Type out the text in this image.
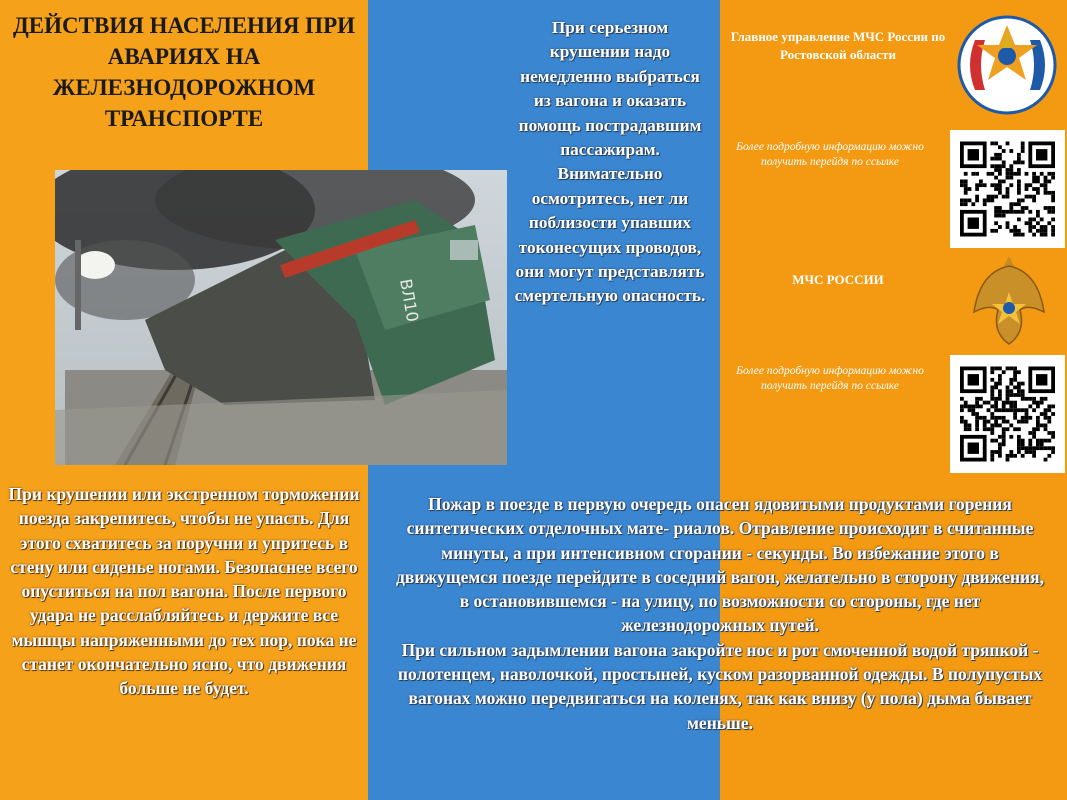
ДЕЙСТВИЯ НАСЕЛЕНИЯ ПРИ АВАРИЯХ НА ЖЕЛЕЗНОДОРОЖНОМ ТРАНСПОРТЕ
ВЛ10
При серьезном крушении надо немедленно выбраться из вагона и оказать помощь пострадавшим пассажирам. Внимательно осмотритесь, нет ли поблизости упавших токонесущих проводов, они могут представлять смертельную опасность.
При крушении или экстренном торможении поезда закрепитесь, чтобы не упасть. Для этого схватитесь за поручни и упритесь в стену или сиденье ногами. Безопаснее всего опуститься на пол вагона. После первого удара не расслабляйтесь и держите все мышцы напряженными до тех пор, пока не станет окончательно ясно, что движения больше не будет.
Пожар в поезде в первую очередь опасен ядовитыми продуктами горения синтетических отделочных мате- риалов. Отравление происходит в считанные минуты, а при интенсивном сгорании - секунды. Во избежание этого в движущемся поезде перейдите в соседний вагон, желательно в сторону движения, в остановившемся - на улицу, по возможности со стороны, где нет железнодорожных путей.
При сильном задымлении вагона закройте нос и рот смоченной водой тряпкой - полотенцем, наволочкой, простыней, куском разорванной одежды. В полупустых вагонах можно передвигаться на коленях, так как внизу (у пола) дыма бывает меньше.
Главное управление МЧС России по Ростовской области
Более подробную информацию можно получить перейдя по ссылке
МЧС РОССИИ
Более подробную информацию можно получить перейдя по ссылке
